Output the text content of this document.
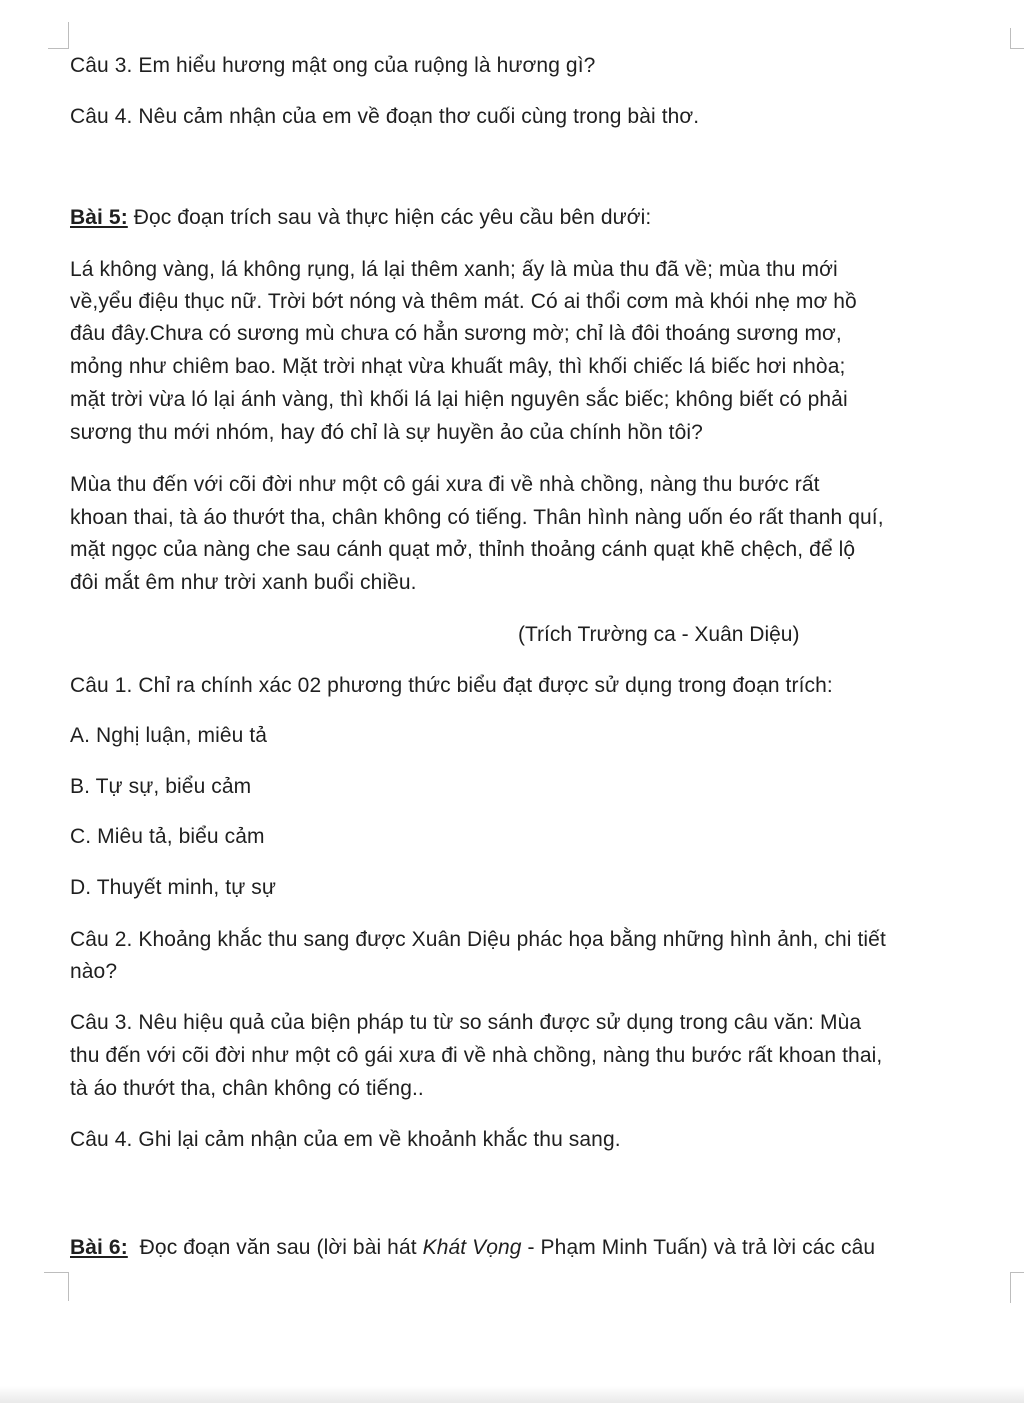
Câu 3. Em hiểu hương mật ong của ruộng là hương gì?
Câu 4. Nêu cảm nhận của em về đoạn thơ cuối cùng trong bài thơ.
Bài 5: Đọc đoạn trích sau và thực hiện các yêu cầu bên dưới:
Lá không vàng, lá không rụng, lá lại thêm xanh; ấy là mùa thu đã về; mùa thu mới
về,yểu điệu thục nữ. Trời bớt nóng và thêm mát. Có ai thổi cơm mà khói nhẹ mơ hồ
đâu đây.Chưa có sương mù chưa có hẳn sương mờ; chỉ là đôi thoáng sương mơ,
mỏng như chiêm bao. Mặt trời nhạt vừa khuất mây, thì khối chiếc lá biếc hơi nhòa;
mặt trời vừa ló lại ánh vàng, thì khối lá lại hiện nguyên sắc biếc; không biết có phải
sương thu mới nhóm, hay đó chỉ là sự huyền ảo của chính hồn tôi?
Mùa thu đến với cõi đời như một cô gái xưa đi về nhà chồng, nàng thu bước rất
khoan thai, tà áo thướt tha, chân không có tiếng. Thân hình nàng uốn éo rất thanh quí,
mặt ngọc của nàng che sau cánh quạt mở, thỉnh thoảng cánh quạt khẽ chệch, để lộ
đôi mắt êm như trời xanh buổi chiều.
(Trích Trường ca - Xuân Diệu)
Câu 1. Chỉ ra chính xác 02 phương thức biểu đạt được sử dụng trong đoạn trích:
A. Nghị luận, miêu tả
B. Tự sự, biểu cảm
C. Miêu tả, biểu cảm
D. Thuyết minh, tự sự
Câu 2. Khoảng khắc thu sang được Xuân Diệu phác họa bằng những hình ảnh, chi tiết
nào?
Câu 3. Nêu hiệu quả của biện pháp tu từ so sánh được sử dụng trong câu văn: Mùa
thu đến với cõi đời như một cô gái xưa đi về nhà chồng, nàng thu bước rất khoan thai,
tà áo thướt tha, chân không có tiếng..
Câu 4. Ghi lại cảm nhận của em về khoảnh khắc thu sang.
Bài 6:  Đọc đoạn văn sau (lời bài hát Khát Vọng - Phạm Minh Tuấn) và trả lời các câu
